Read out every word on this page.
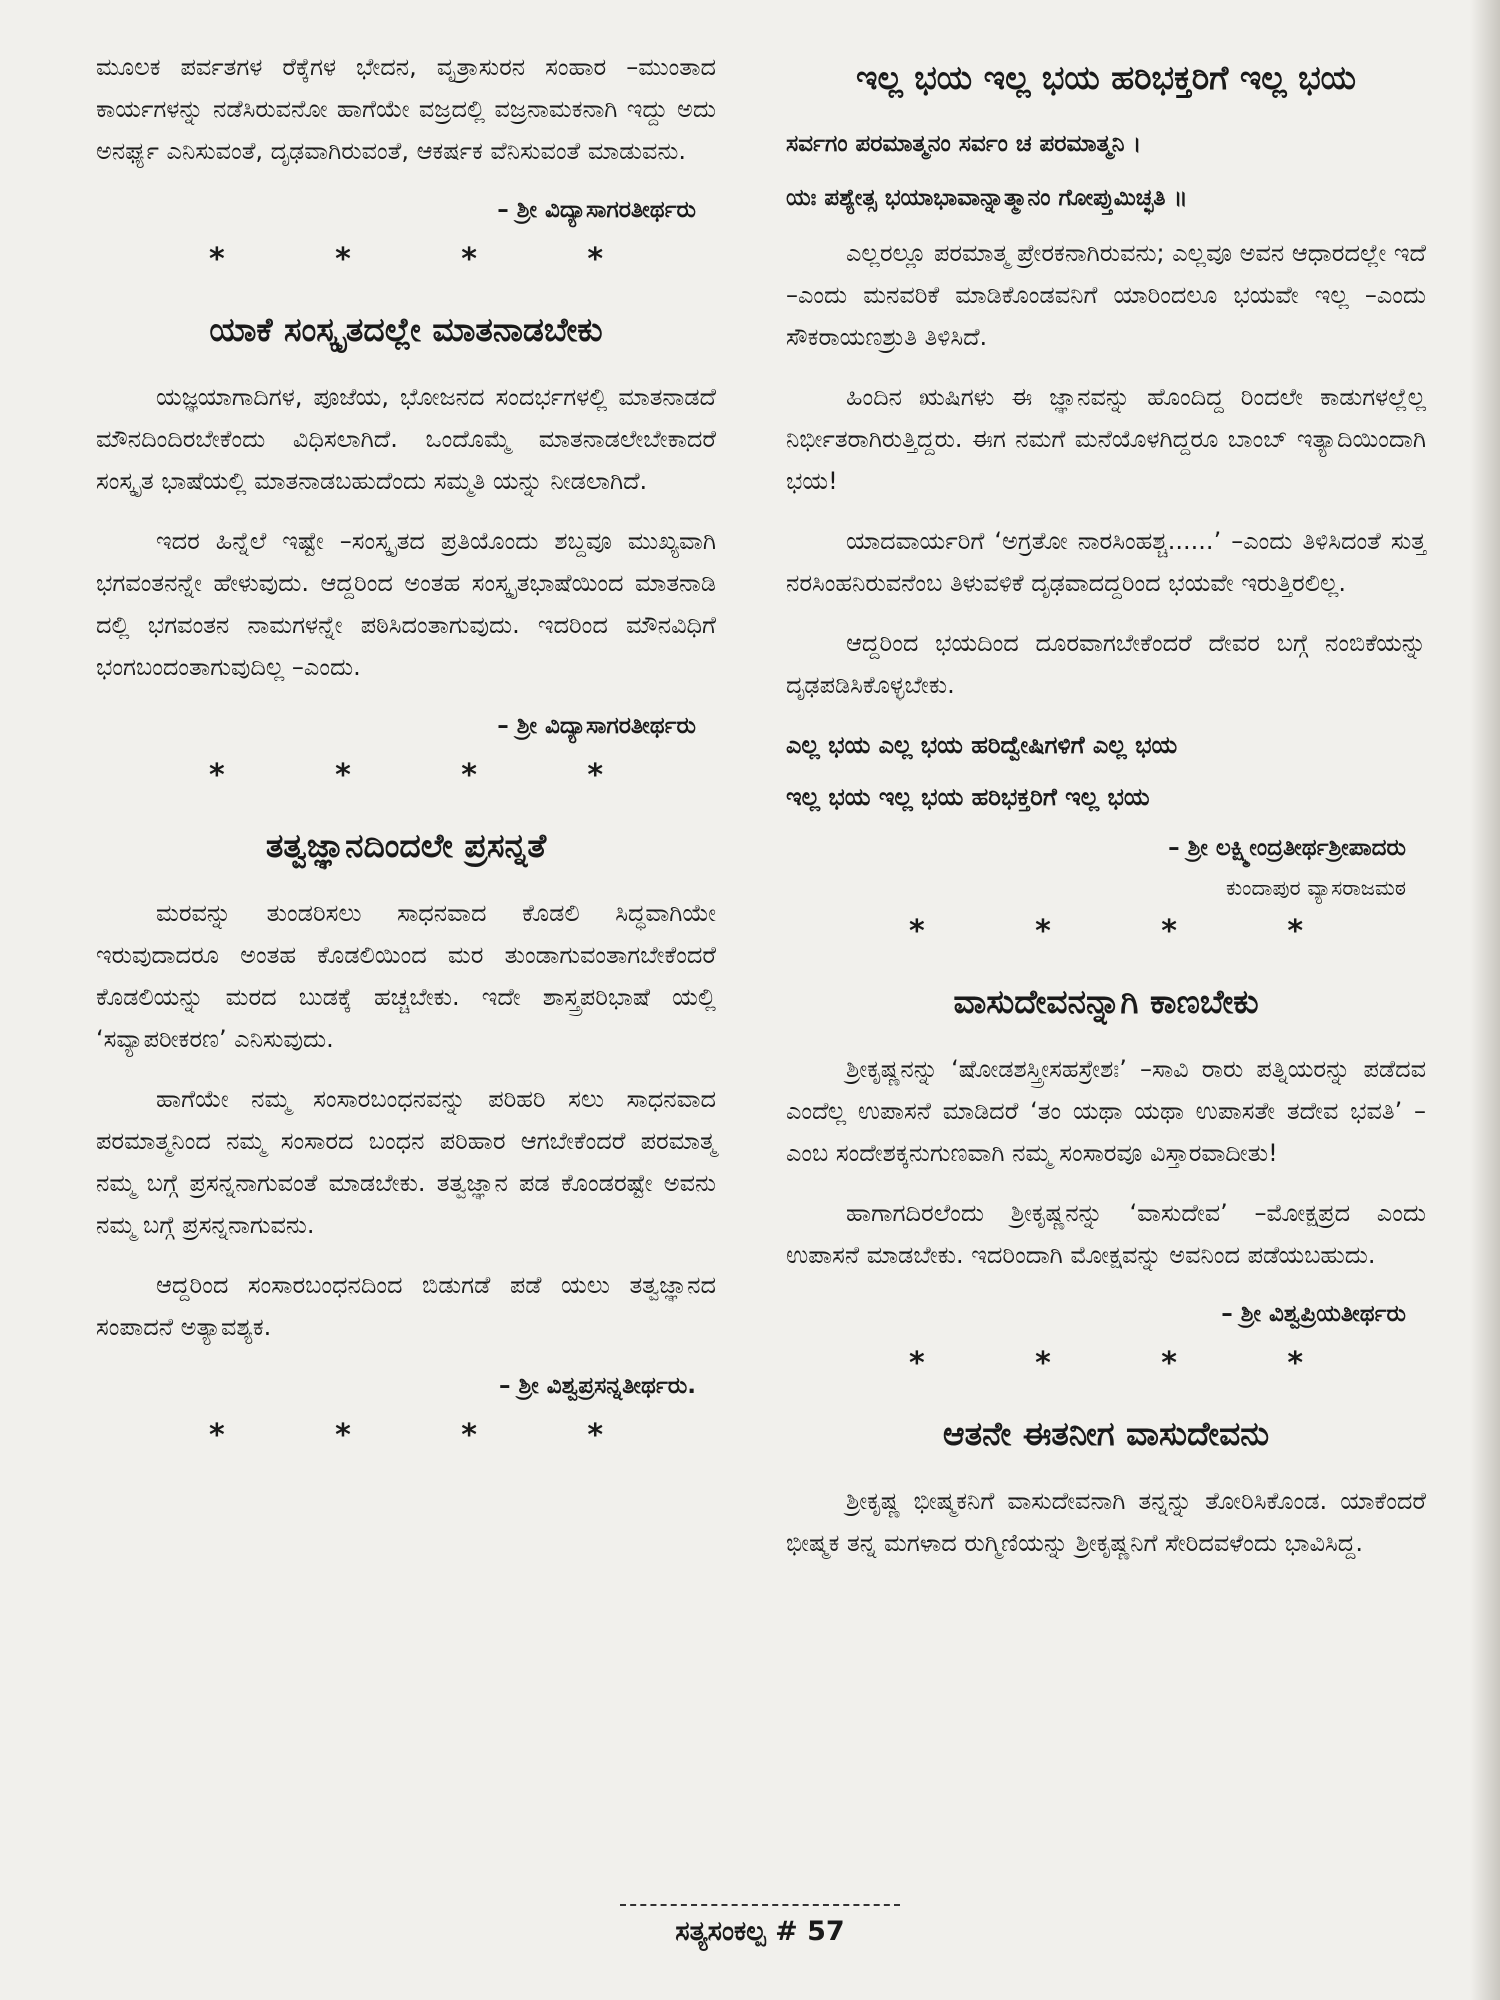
ಮೂಲಕ ಪರ್ವತಗಳ ರೆಕ್ಕೆಗಳ ಭೇದನ, ವೃತ್ರಾಸುರನ ಸಂಹಾರ –ಮುಂತಾದ ಕಾರ್ಯಗಳನ್ನು ನಡೆಸಿರುವನೋ ಹಾಗೆಯೇ ವಜ್ರದಲ್ಲಿ ವಜ್ರನಾಮಕನಾಗಿ ಇದ್ದು ಅದು ಅನರ್ಘ್ಯ ಎನಿಸುವಂತೆ, ದೃಢವಾಗಿರುವಂತೆ, ಆಕರ್ಷಕ ವೆನಿಸುವಂತೆ ಮಾಡುವನು.

– ಶ್ರೀ ವಿದ್ಯಾಸಾಗರತೀರ್ಥರು
* * * *
ಯಾಕೆ ಸಂಸ್ಕೃತದಲ್ಲೇ ಮಾತನಾಡಬೇಕು

ಯಜ್ಞಯಾಗಾದಿಗಳ, ಪೂಜೆಯ, ಭೋಜನದ ಸಂದರ್ಭಗಳಲ್ಲಿ ಮಾತನಾಡದೆ ಮೌನದಿಂದಿರಬೇಕೆಂದು ವಿಧಿಸಲಾಗಿದೆ. ಒಂದೊಮ್ಮೆ ಮಾತನಾಡಲೇಬೇಕಾದರೆ ಸಂಸ್ಕೃತ ಭಾಷೆಯಲ್ಲಿ ಮಾತನಾಡಬಹುದೆಂದು ಸಮ್ಮತಿ ಯನ್ನು ನೀಡಲಾಗಿದೆ.

ಇದರ ಹಿನ್ನೆಲೆ ಇಷ್ಟೇ –ಸಂಸ್ಕೃತದ ಪ್ರತಿಯೊಂದು ಶಬ್ದವೂ ಮುಖ್ಯವಾಗಿ ಭಗವಂತನನ್ನೇ ಹೇಳುವುದು. ಆದ್ದರಿಂದ ಅಂತಹ ಸಂಸ್ಕೃತಭಾಷೆಯಿಂದ ಮಾತನಾಡಿ ದಲ್ಲಿ ಭಗವಂತನ ನಾಮಗಳನ್ನೇ ಪಠಿಸಿದಂತಾಗುವುದು. ಇದರಿಂದ ಮೌನವಿಧಿಗೆ ಭಂಗಬಂದಂತಾಗುವುದಿಲ್ಲ –ಎಂದು.

– ಶ್ರೀ ವಿದ್ಯಾಸಾಗರತೀರ್ಥರು
* * * *
ತತ್ವಜ್ಞಾನದಿಂದಲೇ ಪ್ರಸನ್ನತೆ

ಮರವನ್ನು ತುಂಡರಿಸಲು ಸಾಧನವಾದ ಕೊಡಲಿ ಸಿದ್ಧವಾಗಿಯೇ ಇರುವುದಾದರೂ ಅಂತಹ ಕೊಡಲಿಯಿಂದ ಮರ ತುಂಡಾಗುವಂತಾಗಬೇಕೆಂದರೆ ಕೊಡಲಿಯನ್ನು ಮರದ ಬುಡಕ್ಕೆ ಹಚ್ಚಬೇಕು. ಇದೇ ಶಾಸ್ತ್ರಪರಿಭಾಷೆ ಯಲ್ಲಿ ‘ಸವ್ಯಾಪರೀಕರಣ’ ಎನಿಸುವುದು.

ಹಾಗೆಯೇ ನಮ್ಮ ಸಂಸಾರಬಂಧನವನ್ನು ಪರಿಹರಿ ಸಲು ಸಾಧನವಾದ ಪರಮಾತ್ಮನಿಂದ ನಮ್ಮ ಸಂಸಾರದ ಬಂಧನ ಪರಿಹಾರ ಆಗಬೇಕೆಂದರೆ ಪರಮಾತ್ಮ ನಮ್ಮ ಬಗ್ಗೆ ಪ್ರಸನ್ನನಾಗುವಂತೆ ಮಾಡಬೇಕು. ತತ್ವಜ್ಞಾನ ಪಡ ಕೊಂಡರಷ್ಟೇ ಅವನು ನಮ್ಮ ಬಗ್ಗೆ ಪ್ರಸನ್ನನಾಗುವನು.

ಆದ್ದರಿಂದ ಸಂಸಾರಬಂಧನದಿಂದ ಬಿಡುಗಡೆ ಪಡೆ ಯಲು ತತ್ವಜ್ಞಾನದ ಸಂಪಾದನೆ ಅತ್ಯಾವಶ್ಯಕ.

– ಶ್ರೀ ವಿಶ್ವಪ್ರಸನ್ನತೀರ್ಥರು.
* * * *
ಇಲ್ಲ ಭಯ ಇಲ್ಲ ಭಯ ಹರಿಭಕ್ತರಿಗೆ ಇಲ್ಲ ಭಯ
ಸರ್ವಗಂ ಪರಮಾತ್ಮನಂ ಸರ್ವಂ ಚ ಪರಮಾತ್ಮನಿ ।
ಯಃ ಪಶ್ಯೇತ್ಸ ಭಯಾಭಾವಾನ್ನಾತ್ಮಾನಂ ಗೋಪ್ತುಮಿಚ್ಛತಿ ॥

ಎಲ್ಲರಲ್ಲೂ ಪರಮಾತ್ಮ ಪ್ರೇರಕನಾಗಿರುವನು; ಎಲ್ಲವೂ ಅವನ ಆಧಾರದಲ್ಲೇ ಇದೆ –ಎಂದು ಮನವರಿಕೆ ಮಾಡಿಕೊಂಡವನಿಗೆ ಯಾರಿಂದಲೂ ಭಯವೇ ಇಲ್ಲ –ಎಂದು ಸೌಕರಾಯಣಶ್ರುತಿ ತಿಳಿಸಿದೆ.

ಹಿಂದಿನ ಋಷಿಗಳು ಈ ಜ್ಞಾನವನ್ನು ಹೊಂದಿದ್ದ ರಿಂದಲೇ ಕಾಡುಗಳಲ್ಲೆಲ್ಲ ನಿರ್ಭೀತರಾಗಿರುತ್ತಿದ್ದರು. ಈಗ ನಮಗೆ ಮನೆಯೊಳಗಿದ್ದರೂ ಬಾಂಬ್ ಇತ್ಯಾದಿಯಿಂದಾಗಿ ಭಯ!

ಯಾದವಾರ್ಯರಿಗೆ ‘ಅಗ್ರತೋ ನಾರಸಿಂಹಶ್ಚ......’ –ಎಂದು ತಿಳಿಸಿದಂತೆ ಸುತ್ತ ನರಸಿಂಹನಿರುವನೆಂಬ ತಿಳುವಳಿಕೆ ದೃಢವಾದದ್ದರಿಂದ ಭಯವೇ ಇರುತ್ತಿರಲಿಲ್ಲ.

ಆದ್ದರಿಂದ ಭಯದಿಂದ ದೂರವಾಗಬೇಕೆಂದರೆ ದೇವರ ಬಗ್ಗೆ ನಂಬಿಕೆಯನ್ನು ದೃಢಪಡಿಸಿಕೊಳ್ಳಬೇಕು.

ಎಲ್ಲ ಭಯ ಎಲ್ಲ ಭಯ ಹರಿದ್ವೇಷಿಗಳಿಗೆ ಎಲ್ಲ ಭಯ
ಇಲ್ಲ ಭಯ ಇಲ್ಲ ಭಯ ಹರಿಭಕ್ತರಿಗೆ ಇಲ್ಲ ಭಯ
– ಶ್ರೀ ಲಕ್ಷ್ಮೀಂದ್ರತೀರ್ಥಶ್ರೀಪಾದರು
ಕುಂದಾಪುರ ವ್ಯಾಸರಾಜಮಠ
* * * *
ವಾಸುದೇವನನ್ನಾಗಿ ಕಾಣಬೇಕು

ಶ್ರೀಕೃಷ್ಣನನ್ನು ‘ಷೋಡಶಸ್ತ್ರೀಸಹಸ್ರೇಶಃ’ –ಸಾವಿ ರಾರು ಪತ್ನಿಯರನ್ನು ಪಡೆದವ ಎಂದೆಲ್ಲ ಉಪಾಸನೆ ಮಾಡಿದರೆ ‘ತಂ ಯಥಾ ಯಥಾ ಉಪಾಸತೇ ತದೇವ ಭವತಿ’ –ಎಂಬ ಸಂದೇಶಕ್ಕನುಗುಣವಾಗಿ ನಮ್ಮ ಸಂಸಾರವೂ ವಿಸ್ತಾರವಾದೀತು!

ಹಾಗಾಗದಿರಲೆಂದು ಶ್ರೀಕೃಷ್ಣನನ್ನು ‘ವಾಸುದೇವ’ –ಮೋಕ್ಷಪ್ರದ ಎಂದು ಉಪಾಸನೆ ಮಾಡಬೇಕು. ಇದರಿಂದಾಗಿ ಮೋಕ್ಷವನ್ನು ಅವನಿಂದ ಪಡೆಯಬಹುದು.

– ಶ್ರೀ ವಿಶ್ವಪ್ರಿಯತೀರ್ಥರು
* * * *
ಆತನೇ ಈತನೀಗ ವಾಸುದೇವನು

ಶ್ರೀಕೃಷ್ಣ ಭೀಷ್ಮಕನಿಗೆ ವಾಸುದೇವನಾಗಿ ತನ್ನನ್ನು ತೋರಿಸಿಕೊಂಡ. ಯಾಕೆಂದರೆ ಭೀಷ್ಮಕ ತನ್ನ ಮಗಳಾದ ರುಗ್ಮಿಣಿಯನ್ನು ಶ್ರೀಕೃಷ್ಣನಿಗೆ ಸೇರಿದವಳೆಂದು ಭಾವಿಸಿದ್ದ.

ಸತ್ಯಸಂಕಲ್ಪ # 57
